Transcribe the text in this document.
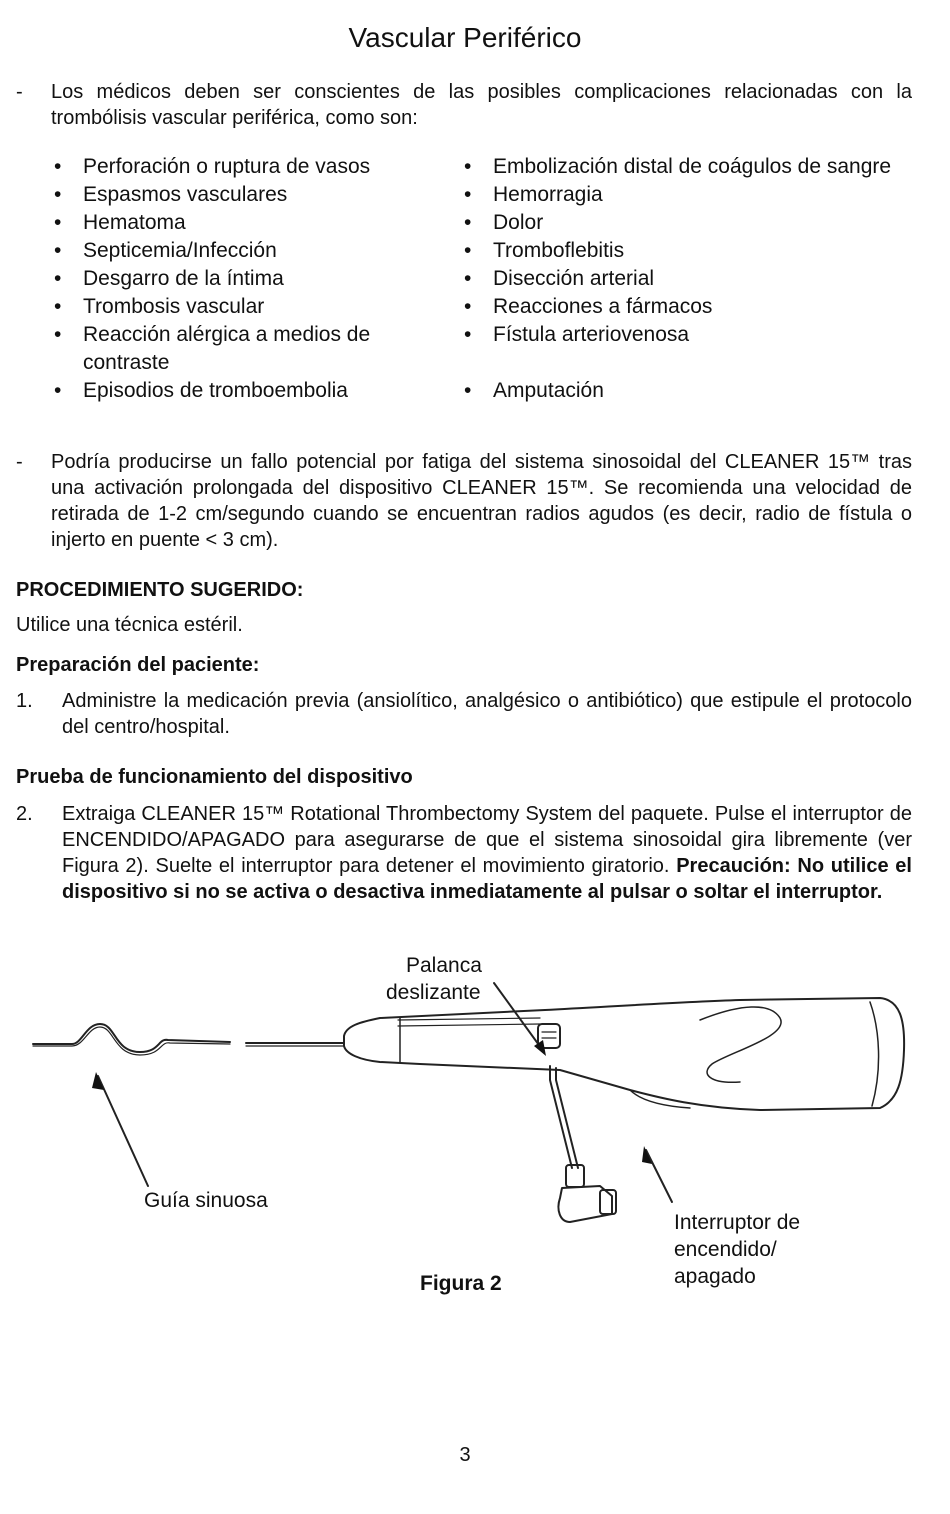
Vascular Periférico
- Los médicos deben ser conscientes de las posibles complicaciones relacionadas con la trombólisis vascular periférica, como son:
• Perforación o ruptura de vasos
• Espasmos vasculares
• Hematoma
• Septicemia/Infección
• Desgarro de la íntima
• Trombosis vascular
• Reacción alérgica a medios de contraste
• Episodios de tromboembolia
• Embolización distal de coágulos de sangre
• Hemorragia
• Dolor
• Tromboflebitis
• Disección arterial
• Reacciones a fármacos
• Fístula arteriovenosa
• Amputación
- Podría producirse un fallo potencial por fatiga del sistema sinosoidal del CLEANER 15™ tras una activación prolongada del dispositivo CLEANER 15™. Se recomienda una velocidad de retirada de 1-2 cm/segundo cuando se encuentran radios agudos (es decir, radio de fístula o injerto en puente < 3 cm).
PROCEDIMIENTO SUGERIDO:
Utilice una técnica estéril.
Preparación del paciente:
1. Administre la medicación previa (ansiolítico, analgésico o antibiótico) que estipule el protocolo del centro/hospital.
Prueba de funcionamiento del dispositivo
2. Extraiga CLEANER 15™ Rotational Thrombectomy System del paquete. Pulse el interruptor de ENCENDIDO/APAGADO para asegurarse de que el sistema sinosoidal gira libremente (ver Figura 2). Suelte el interruptor para detener el movimiento giratorio. Precaución: No utilice el dispositivo si no se activa o desactiva inmediatamente al pulsar o soltar el interruptor.
Palanca
deslizante
Guía sinuosa
Interruptor de
encendido/
apagado
Figura 2
3
